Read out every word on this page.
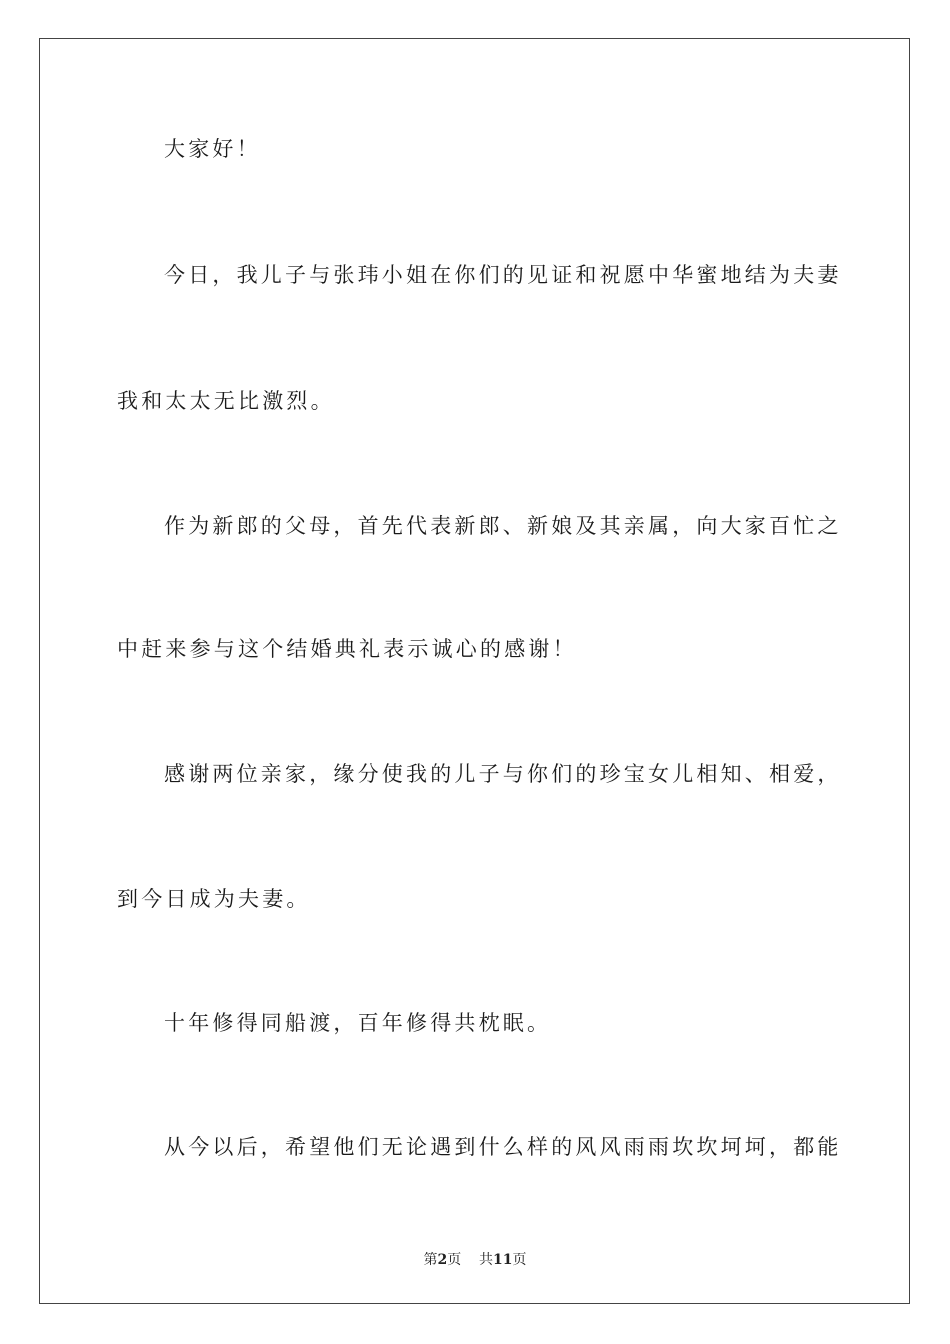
大家好！
今日，我儿子与张玮小姐在你们的见证和祝愿中华蜜地结为夫妻
我和太太无比激烈。
作为新郎的父母，首先代表新郎、新娘及其亲属，向大家百忙之
中赶来参与这个结婚典礼表示诚心的感谢！
感谢两位亲家，缘分使我的儿子与你们的珍宝女儿相知、相爱，
到今日成为夫妻。
十年修得同船渡，百年修得共枕眠。
从今以后，希望他们无论遇到什么样的风风雨雨坎坎坷坷，都能
第2页 共11页
